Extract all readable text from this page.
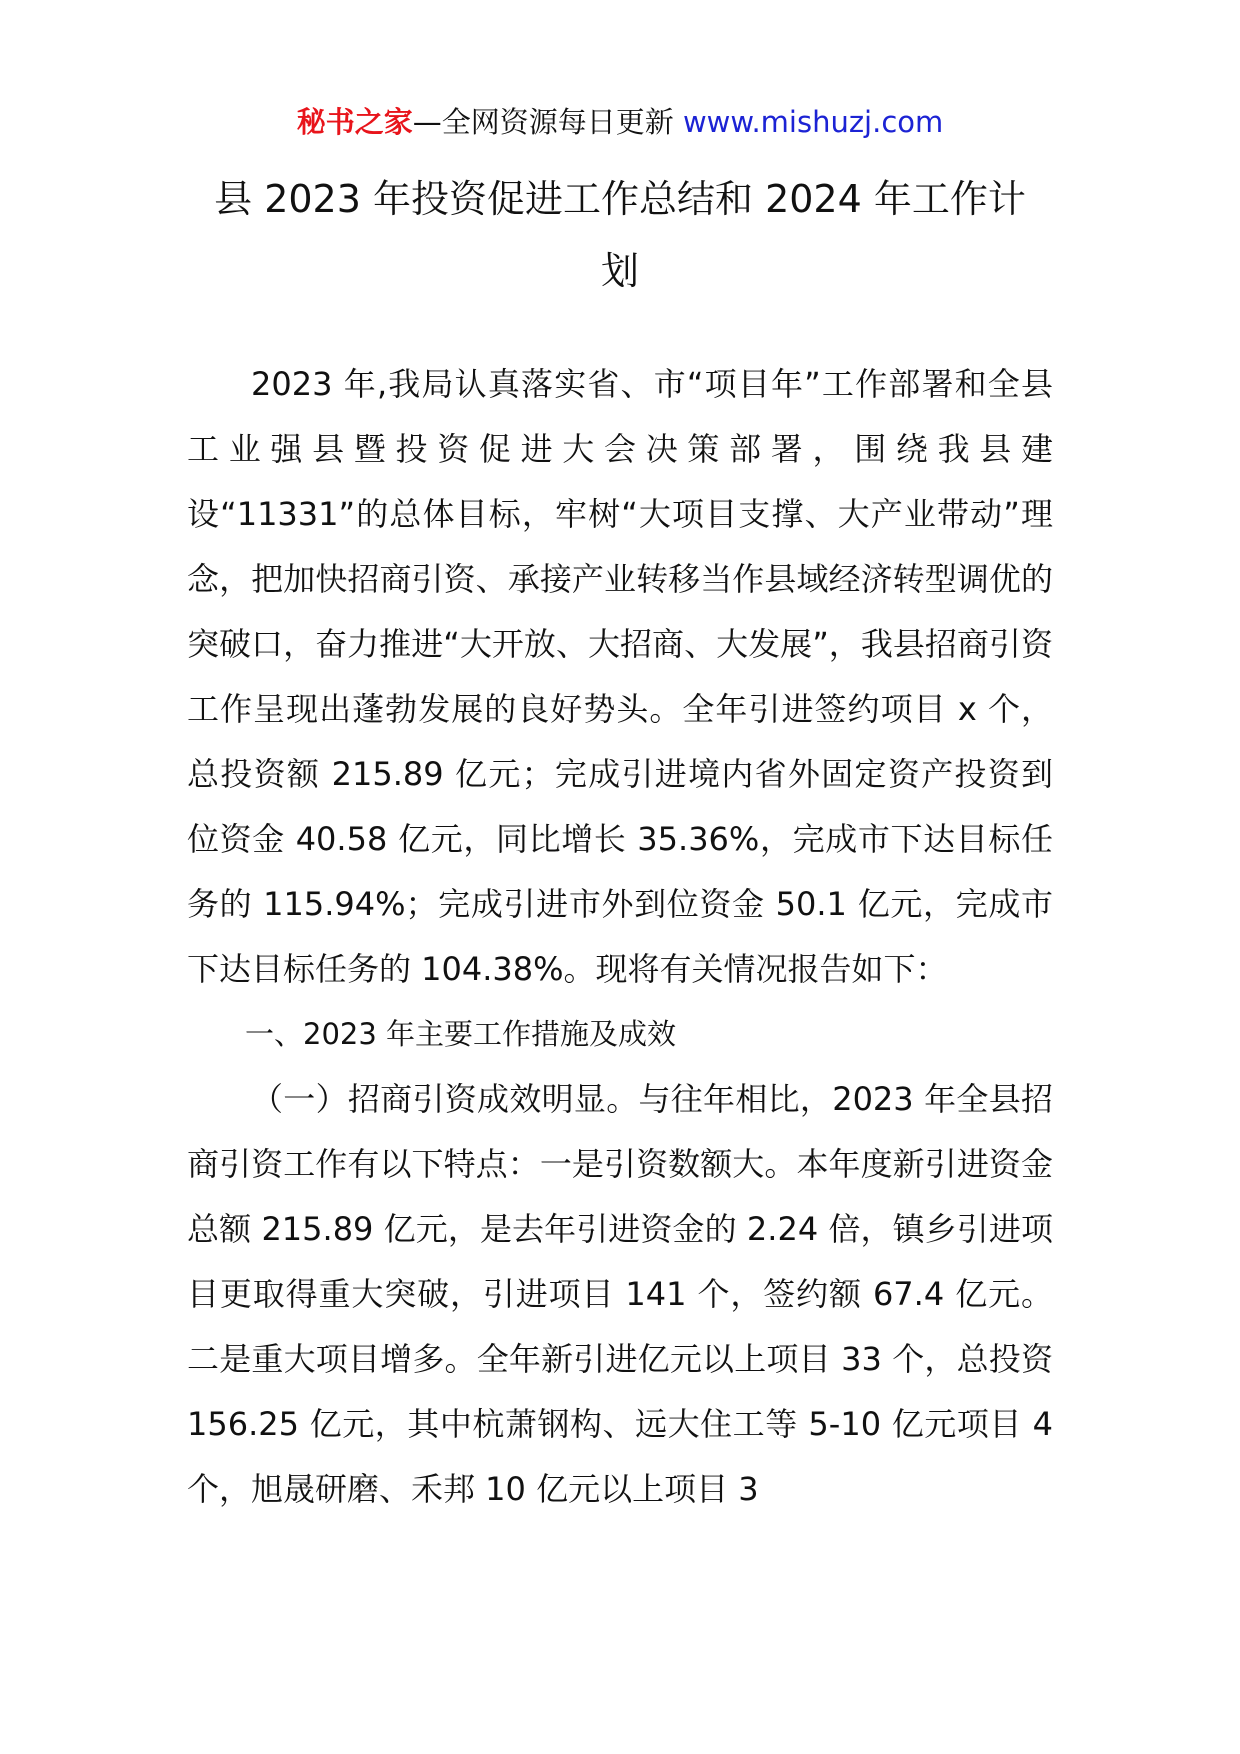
秘书之家—全网资源每日更新 www.mishuzj.com
县 2023 年投资促进工作总结和 2024 年工作计划

2023 年,我局认真落实省、市“项目年”工作部署和全县工业强县暨投资促进大会决策部署，围绕我县建设“11331”的总体目标，牢树“大项目支撑、大产业带动”理念，把加快招商引资、承接产业转移当作县域经济转型调优的突破口，奋力推进“大开放、大招商、大发展”，我县招商引资工作呈现出蓬勃发展的良好势头。全年引进签约项目 x 个，总投资额 215.89 亿元；完成引进境内省外固定资产投资到位资金 40.58 亿元，同比增长 35.36%，完成市下达目标任务的 115.94%；完成引进市外到位资金 50.1 亿元，完成市下达目标任务的 104.38%。现将有关情况报告如下：

一、2023 年主要工作措施及成效

（一）招商引资成效明显。与往年相比，2023 年全县招商引资工作有以下特点：一是引资数额大。本年度新引进资金总额 215.89 亿元，是去年引进资金的 2.24 倍，镇乡引进项目更取得重大突破，引进项目 141 个，签约额 67.4 亿元。二是重大项目增多。全年新引进亿元以上项目 33 个，总投资 156.25 亿元，其中杭萧钢构、远大住工等 5-10 亿元项目 4 个，旭晟研磨、禾邦 10 亿元以上项目 3
